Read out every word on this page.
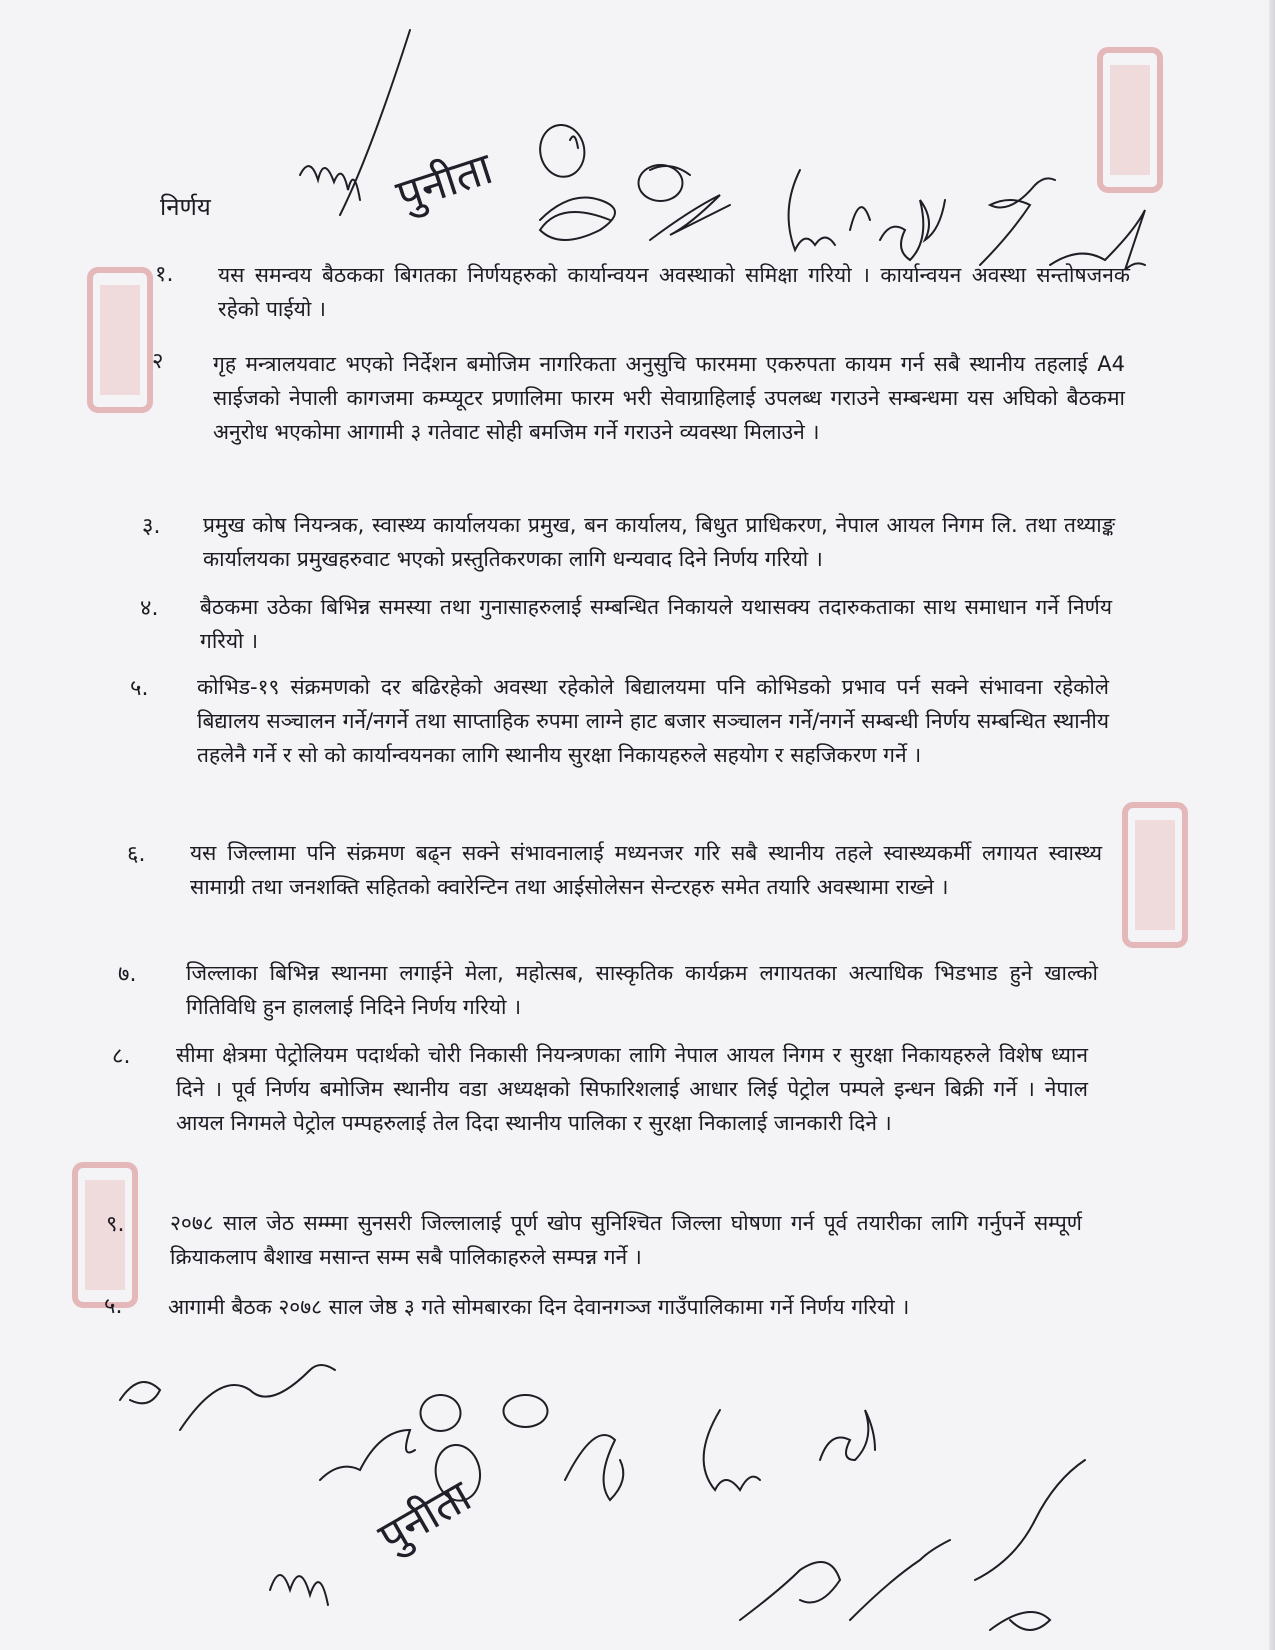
निर्णय
१.	यस समन्वय बैठकका बिगतका निर्णयहरुको कार्यान्वयन अवस्थाको समिक्षा गरियो । कार्यान्वयन अवस्था सन्तोषजनक रहेको पाईयो ।
२	गृह मन्त्रालयवाट भएको निर्देशन बमोजिम नागरिकता अनुसुचि फारममा एकरुपता कायम गर्न सबै स्थानीय तहलाई A4 साईजको नेपाली कागजमा कम्प्यूटर प्रणालिमा फारम भरी सेवाग्राहिलाई उपलब्ध गराउने सम्बन्धमा यस अघिको बैठकमा अनुरोध भएकोमा आगामी ३ गतेवाट सोही बमजिम गर्ने गराउने व्यवस्था मिलाउने ।
३.	प्रमुख कोष नियन्त्रक, स्वास्थ्य कार्यालयका प्रमुख, बन कार्यालय, बिधुत प्राधिकरण, नेपाल आयल निगम लि. तथा तथ्याङ्क कार्यालयका प्रमुखहरुवाट भएको प्रस्तुतिकरणका लागि धन्यवाद दिने निर्णय गरियो ।
४.	बैठकमा उठेका बिभिन्न समस्या तथा गुनासाहरुलाई सम्बन्धित निकायले यथासक्य तदारुकताका साथ समाधान गर्ने निर्णय गरियो ।
५.	कोभिड-१९ संक्रमणको दर बढिरहेको अवस्था रहेकोले बिद्यालयमा पनि कोभिडको प्रभाव पर्न सक्ने संभावना रहेकोले बिद्यालय सञ्चालन गर्ने/नगर्ने तथा साप्ताहिक रुपमा लाग्ने हाट बजार सञ्चालन गर्ने/नगर्ने सम्बन्धी निर्णय सम्बन्धित स्थानीय तहलेनै गर्ने र सो को कार्यान्वयनका लागि स्थानीय सुरक्षा निकायहरुले सहयोग र सहजिकरण गर्ने ।
६.	यस जिल्लामा पनि संक्रमण बढ्न सक्ने संभावनालाई मध्यनजर गरि सबै स्थानीय तहले स्वास्थ्यकर्मी लगायत स्वास्थ्य सामाग्री तथा जनशक्ति सहितको क्वारेन्टिन तथा आईसोलेसन सेन्टरहरु समेत तयारि अवस्थामा राख्ने ।
७.	जिल्लाका बिभिन्न स्थानमा लगाईने मेला, महोत्सब, सास्कृतिक कार्यक्रम लगायतका अत्याधिक भिडभाड हुने खाल्को गितिविधि हुन हाललाई निदिने निर्णय गरियो ।
८.	सीमा क्षेत्रमा पेट्रोलियम पदार्थको चोरी निकासी नियन्त्रणका लागि नेपाल आयल निगम र सुरक्षा निकायहरुले विशेष ध्यान दिने । पूर्व निर्णय बमोजिम स्थानीय वडा अध्यक्षको सिफारिशलाई आधार लिई पेट्रोल पम्पले इन्धन बिक्री गर्ने । नेपाल आयल निगमले पेट्रोल पम्पहरुलाई तेल दिदा स्थानीय पालिका र सुरक्षा निकालाई जानकारी दिने ।
९.	२०७८ साल जेठ सम्म्मा सुनसरी जिल्लालाई पूर्ण खोप सुनिश्चित जिल्ला घोषणा गर्न पूर्व तयारीका लागि गर्नुपर्ने सम्पूर्ण क्रियाकलाप बैशाख मसान्त सम्म सबै पालिकाहरुले सम्पन्न गर्ने ।
५.	आगामी बैठक २०७८ साल जेष्ठ ३ गते सोमबारका दिन देवानगञ्ज गाउँपालिकामा गर्ने निर्णय गरियो ।
पुनीता
पुनीता
